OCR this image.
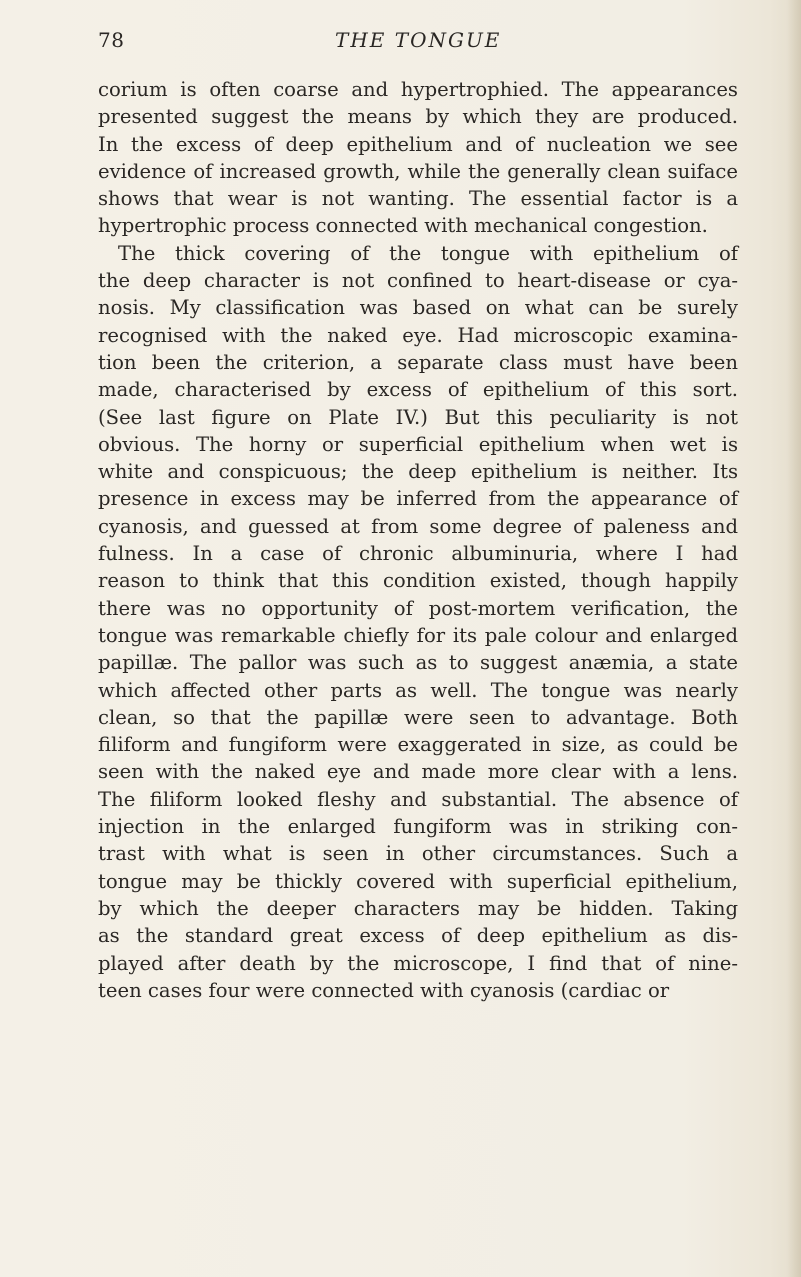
78	THE TONGUE
corium is often coarse and hypertrophied. The appearances
presented suggest the means by which they are produced.
In the excess of deep epithelium and of nucleation we see
evidence of increased growth, while the generally clean suiface
shows that wear is not wanting. The essential factor is a
hypertrophic process connected with mechanical congestion.
The thick covering of the tongue with epithelium of
the deep character is not confined to heart-disease or cya-
nosis. My classification was based on what can be surely
recognised with the naked eye. Had microscopic examina-
tion been the criterion, a separate class must have been
made, characterised by excess of epithelium of this sort.
(See last figure on Plate IV.) But this peculiarity is not
obvious. The horny or superficial epithelium when wet is
white and conspicuous; the deep epithelium is neither. Its
presence in excess may be inferred from the appearance of
cyanosis, and guessed at from some degree of paleness and
fulness. In a case of chronic albuminuria, where I had
reason to think that this condition existed, though happily
there was no opportunity of post-mortem verification, the
tongue was remarkable chiefly for its pale colour and enlarged
papillæ. The pallor was such as to suggest anæmia, a state
which affected other parts as well. The tongue was nearly
clean, so that the papillæ were seen to advantage. Both
filiform and fungiform were exaggerated in size, as could be
seen with the naked eye and made more clear with a lens.
The filiform looked fleshy and substantial. The absence of
injection in the enlarged fungiform was in striking con-
trast with what is seen in other circumstances. Such a
tongue may be thickly covered with superficial epithelium,
by which the deeper characters may be hidden. Taking
as the standard great excess of deep epithelium as dis-
played after death by the microscope, I find that of nine-
teen cases four were connected with cyanosis (cardiac or
